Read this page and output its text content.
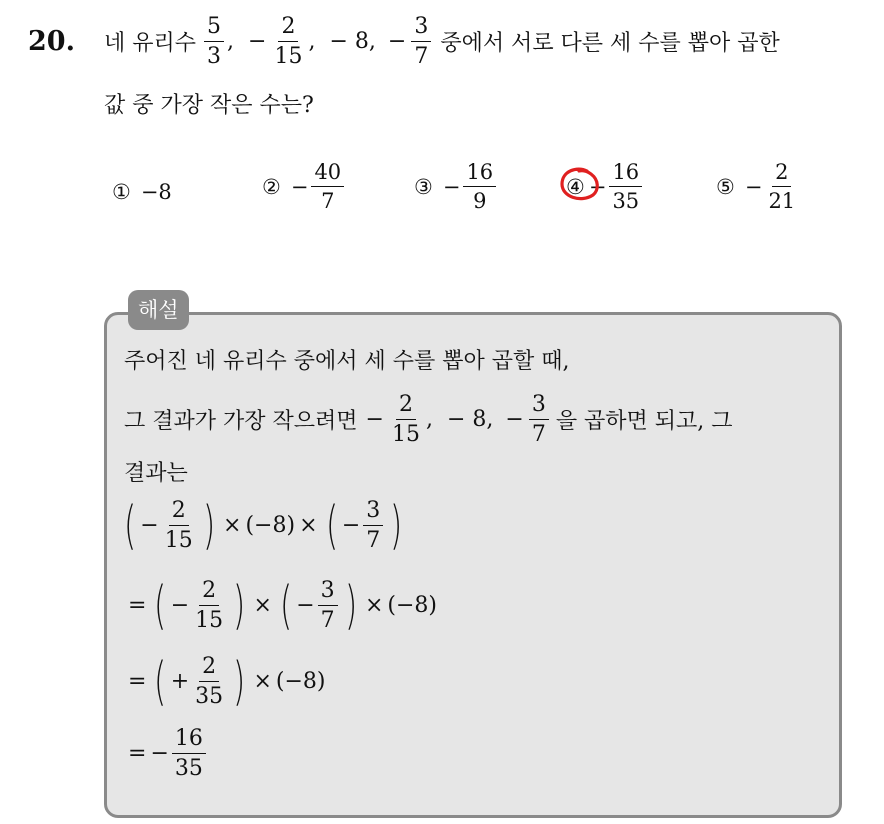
20. 네 유리수 $\frac{5}{3}$ , − $\frac{2}{15}$ , − 8, − $\frac{3}{7}$ 중에서 서로 다른 세 수를 뽑아 곱한
값 중 가장 작은 수는?
① −8	② − $\frac{40}{7}$	③ − $\frac{16}{9}$	④ − $\frac{16}{35}$	⑤ − $\frac{2}{21}$
해설
주어진 네 유리수 중에서 세 수를 뽑아 곱할 때,
그 결과가 가장 작으려면 − $\frac{2}{15}$ , − 8, − $\frac{3}{7}$ 을 곱하면 되고, 그
결과는
( − $\frac{2}{15}$ ) × (−8) × ( − $\frac{3}{7}$ )
= ( − $\frac{2}{15}$ ) × ( − $\frac{3}{7}$ ) × (−8)
= ( + $\frac{2}{35}$ ) × (−8)
= − $\frac{16}{35}$
